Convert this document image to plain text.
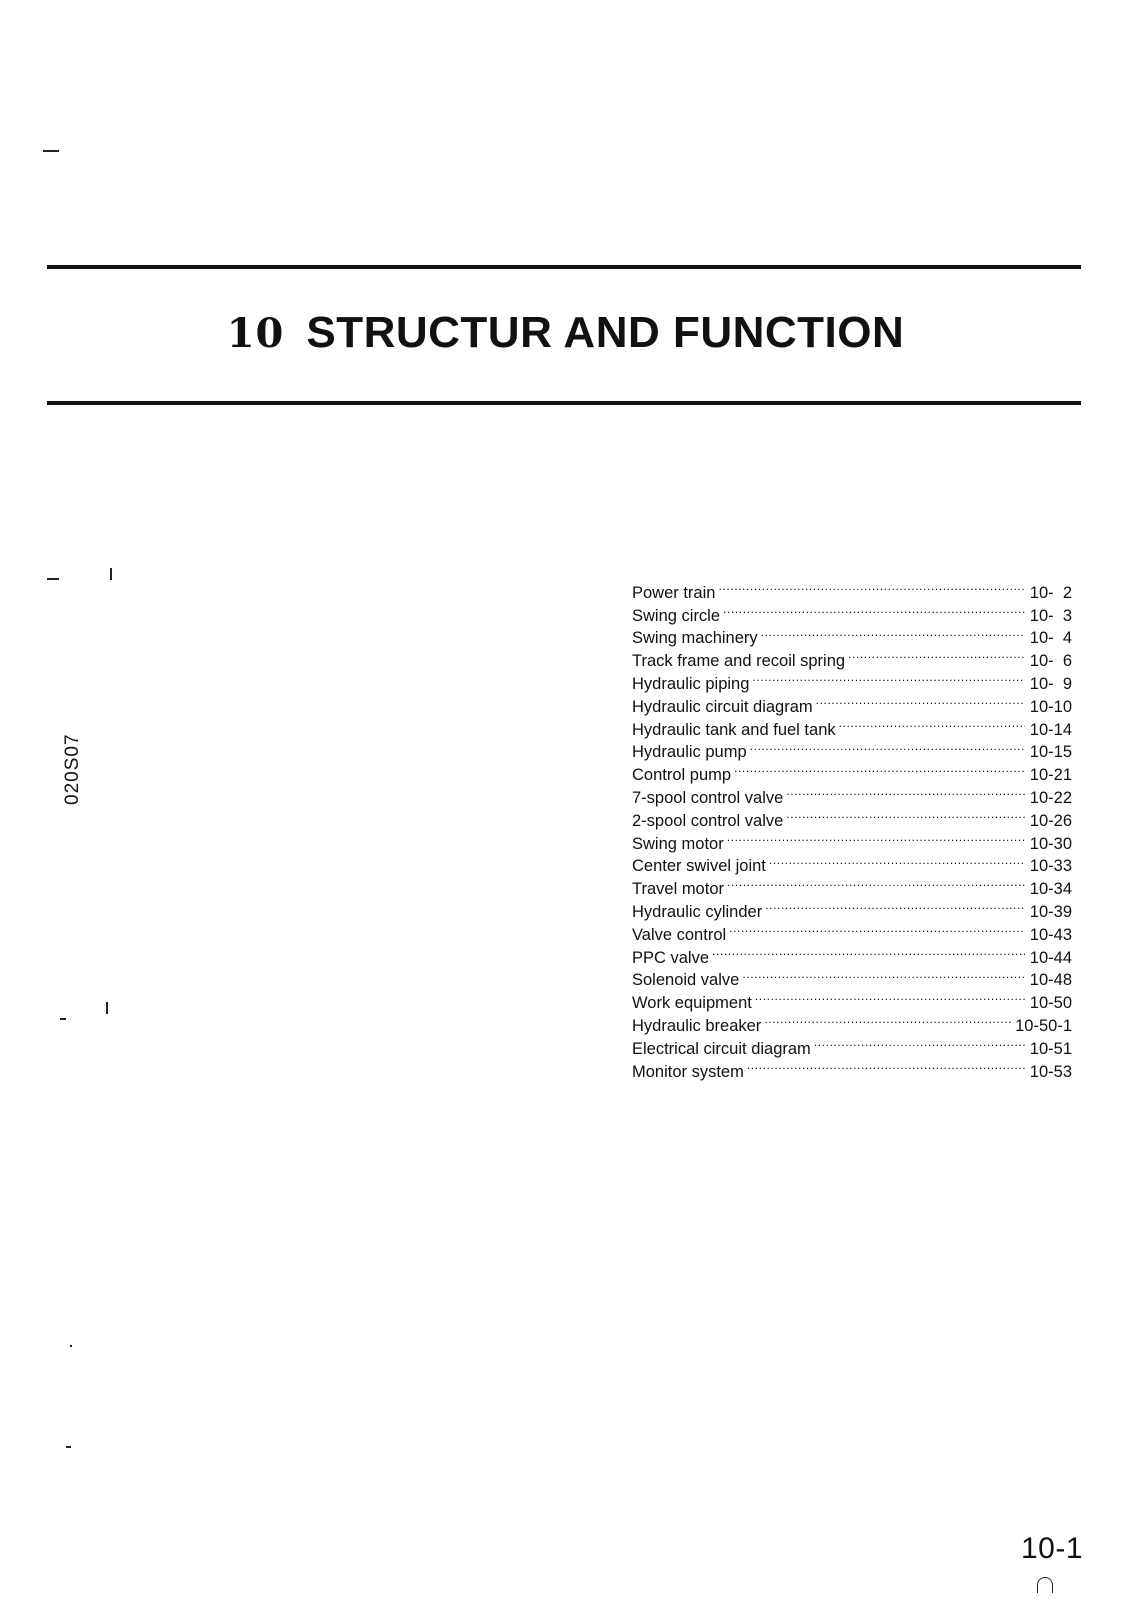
10 STRUCTUR AND FUNCTION
020S07
Power train .....	10-  2
Swing circle .....	10-  3
Swing machinery .....	10-  4
Track frame and recoil spring .....	10-  6
Hydraulic piping .....	10-  9
Hydraulic circuit diagram .....	10-10
Hydraulic tank and fuel tank .....	10-14
Hydraulic pump .....	10-15
Control pump .....	10-21
7-spool control valve .....	10-22
2-spool control valve .....	10-26
Swing motor .....	10-30
Center swivel joint .....	10-33
Travel motor .....	10-34
Hydraulic cylinder .....	10-39
Valve control .....	10-43
PPC valve .....	10-44
Solenoid valve .....	10-48
Work equipment .....	10-50
Hydraulic breaker .....	10-50-1
Electrical circuit diagram .....	10-51
Monitor system .....	10-53
10-1
